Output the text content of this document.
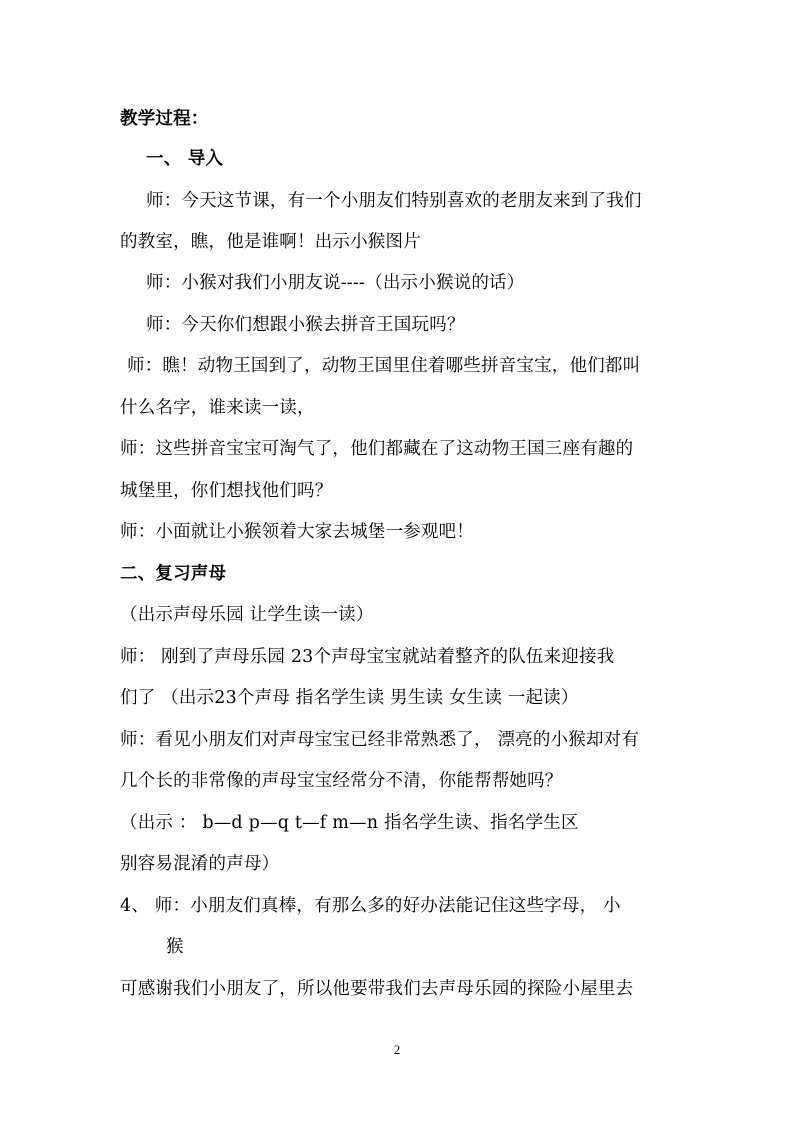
教学过程：
一、 导入
师：今天这节课，有一个小朋友们特别喜欢的老朋友来到了我们
的教室，瞧，他是谁啊！出示小猴图片
师：小猴对我们小朋友说----（出示小猴说的话）
师：今天你们想跟小猴去拼音王国玩吗？
师：瞧！动物王国到了，动物王国里住着哪些拼音宝宝，他们都叫
什么名字，谁来读一读，
师：这些拼音宝宝可淘气了，他们都藏在了这动物王国三座有趣的
城堡里，你们想找他们吗？
师：小面就让小猴领着大家去城堡一参观吧！
二、复习声母
（出示声母乐园 让学生读一读）
师： 刚到了声母乐园 23个声母宝宝就站着整齐的队伍来迎接我
们了 （出示23个声母 指名学生读 男生读 女生读 一起读）
师：看见小朋友们对声母宝宝已经非常熟悉了， 漂亮的小猴却对有
几个长的非常像的声母宝宝经常分不清，你能帮帮她吗？
（出示 ： b—d p—q t—f m—n 指名学生读、指名学生区
别容易混淆的声母）
4、 师：小朋友们真棒，有那么多的好办法能记住这些字母， 小
猴
可感谢我们小朋友了，所以他要带我们去声母乐园的探险小屋里去
2
